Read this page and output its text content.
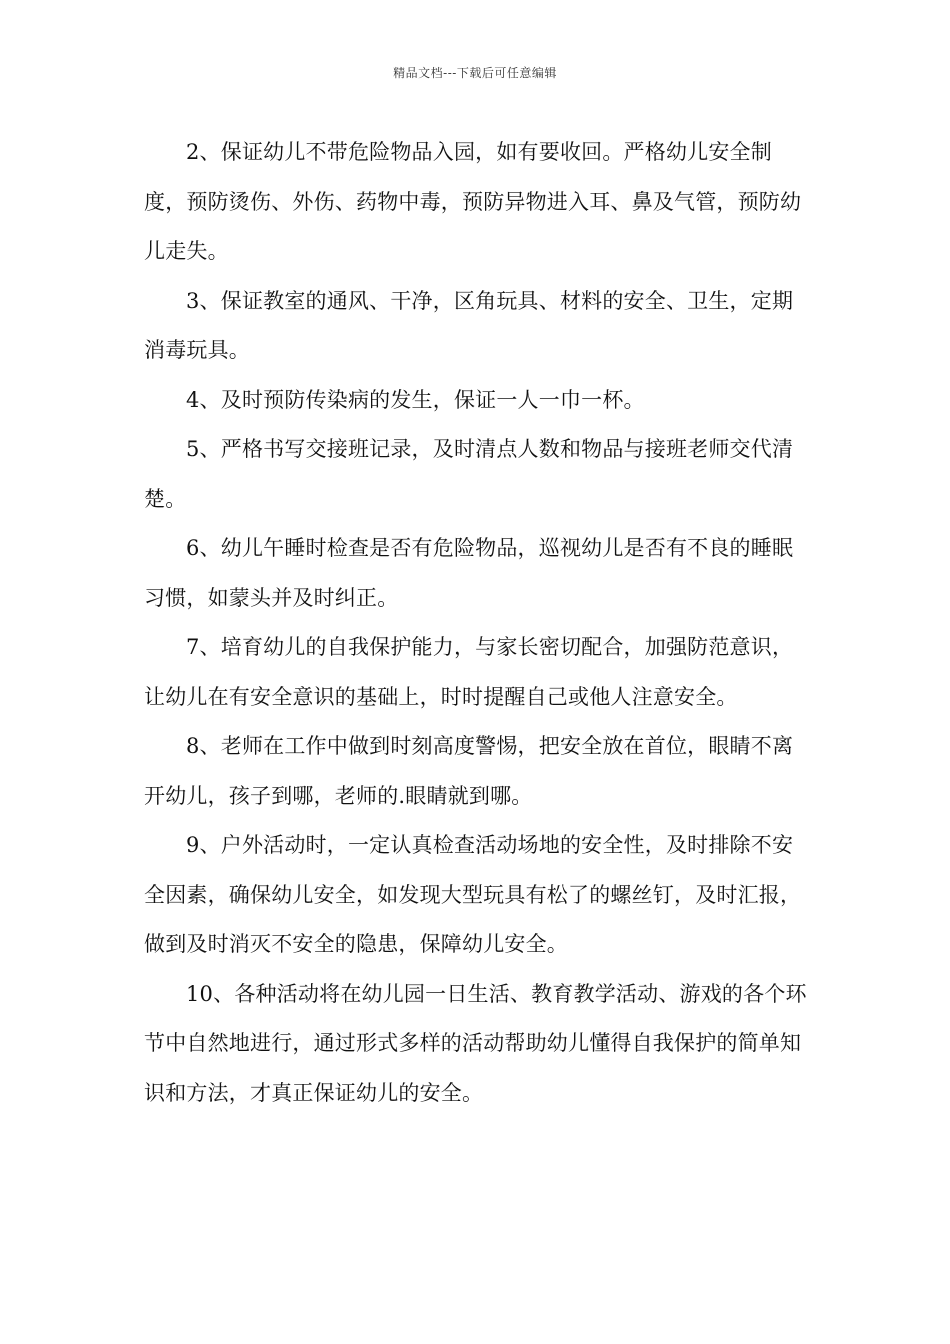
精品文档---下载后可任意编辑

2、保证幼儿不带危险物品入园，如有要收回。严格幼儿安全制度，预防烫伤、外伤、药物中毒，预防异物进入耳、鼻及气管，预防幼儿走失。

3、保证教室的通风、干净，区角玩具、材料的安全、卫生，定期消毒玩具。

4、及时预防传染病的发生，保证一人一巾一杯。

5、严格书写交接班记录，及时清点人数和物品与接班老师交代清楚。

6、幼儿午睡时检查是否有危险物品，巡视幼儿是否有不良的睡眠习惯，如蒙头并及时纠正。

7、培育幼儿的自我保护能力，与家长密切配合，加强防范意识，让幼儿在有安全意识的基础上，时时提醒自己或他人注意安全。

8、老师在工作中做到时刻高度警惕，把安全放在首位，眼睛不离开幼儿，孩子到哪，老师的.眼睛就到哪。

9、户外活动时，一定认真检查活动场地的安全性，及时排除不安全因素，确保幼儿安全，如发现大型玩具有松了的螺丝钉，及时汇报，做到及时消灭不安全的隐患，保障幼儿安全。

10、各种活动将在幼儿园一日生活、教育教学活动、游戏的各个环节中自然地进行，通过形式多样的活动帮助幼儿懂得自我保护的简单知识和方法，才真正保证幼儿的安全。
